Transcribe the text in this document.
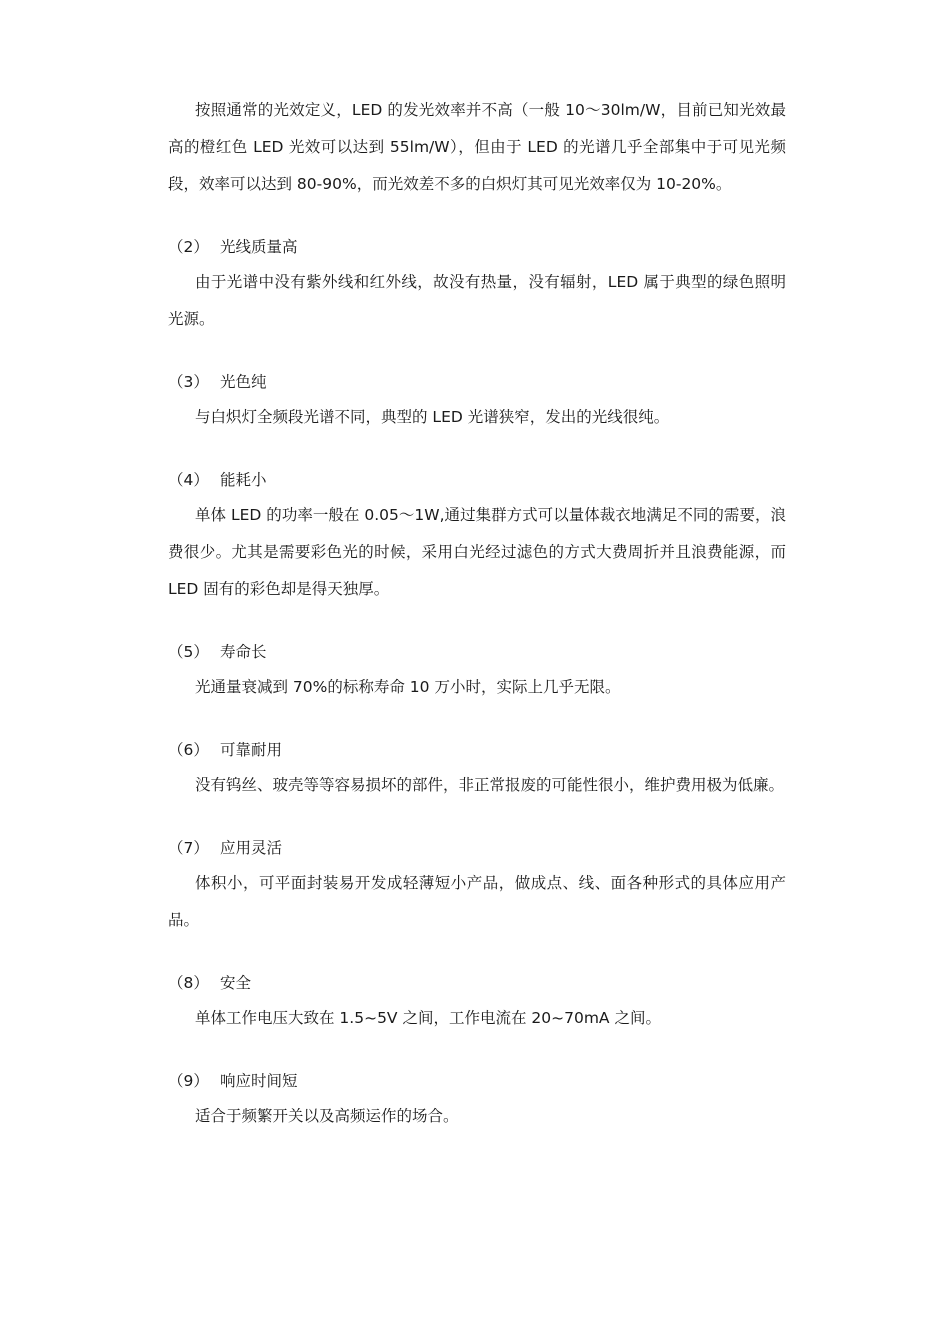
按照通常的光效定义，LED 的发光效率并不高（一般 10～30lm/W，目前已知光效最高的橙红色 LED 光效可以达到 55lm/W），但由于 LED 的光谱几乎全部集中于可见光频段，效率可以达到 80-90%，而光效差不多的白炽灯其可见光效率仅为 10-20%。

（2） 光线质量高

由于光谱中没有紫外线和红外线，故没有热量，没有辐射，LED 属于典型的绿色照明光源。

（3） 光色纯

与白炽灯全频段光谱不同，典型的 LED 光谱狭窄，发出的光线很纯。

（4） 能耗小

单体 LED 的功率一般在 0.05～1W,通过集群方式可以量体裁衣地满足不同的需要，浪费很少。尤其是需要彩色光的时候，采用白光经过滤色的方式大费周折并且浪费能源，而 LED 固有的彩色却是得天独厚。

（5） 寿命长

光通量衰减到 70%的标称寿命 10 万小时，实际上几乎无限。

（6） 可靠耐用

没有钨丝、玻壳等等容易损坏的部件，非正常报废的可能性很小，维护费用极为低廉。

（7） 应用灵活

体积小，可平面封装易开发成轻薄短小产品，做成点、线、面各种形式的具体应用产品。

（8） 安全

单体工作电压大致在 1.5~5V 之间，工作电流在 20~70mA 之间。

（9） 响应时间短

适合于频繁开关以及高频运作的场合。
